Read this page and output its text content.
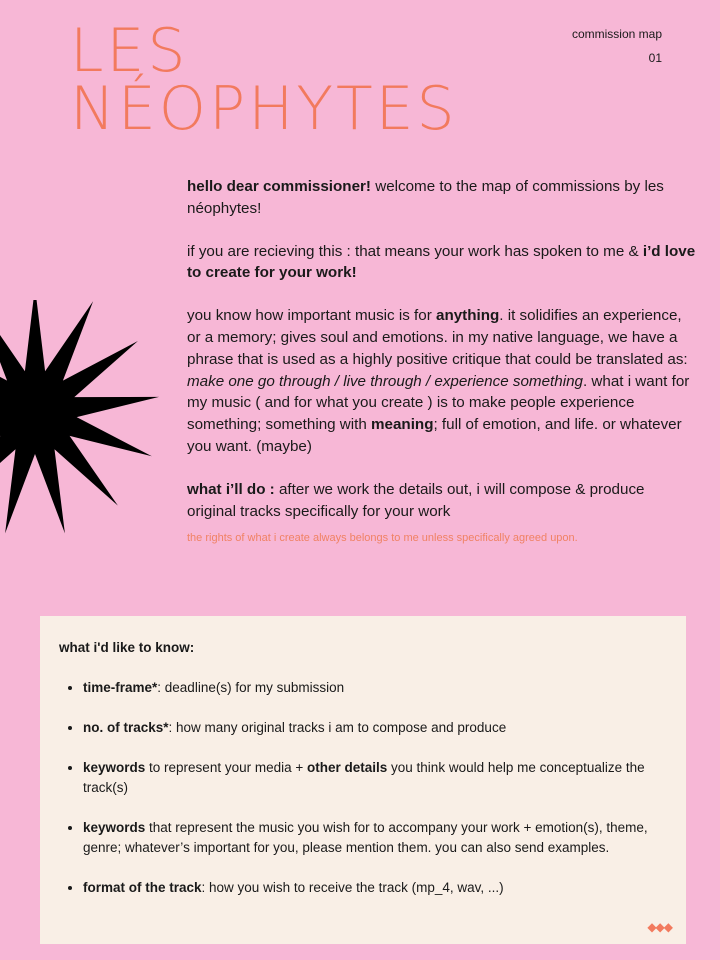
LES
NÉOPHYTES
commission map
01

hello dear commissioner! welcome to the map of commissions by les néophytes!

if you are recieving this : that means your work has spoken to me & i’d love to create for your work!

you know how important music is for anything. it solidifies an experience, or a memory; gives soul and emotions. in my native language, we have a phrase that is used as a highly positive critique that could be translated as: make one go through / live through / experience something. what i want for my music ( and for what you create ) is to make people experience something; something with meaning; full of emotion, and life. or whatever you want. (maybe)

what i’ll do : after we work the details out, i will compose & produce original tracks specifically for your work

the rights of what i create always belongs to me unless specifically agreed upon.
what i'd like to know:
• time-frame*: deadline(s) for my submission
• no. of tracks*: how many original tracks i am to compose and produce
• keywords to represent your media + other details you think would help me conceptualize the track(s)
• keywords that represent the music you wish for to accompany your work + emotion(s), theme, genre; whatever’s important for you, please mention them. you can also send examples.
• format of the track: how you wish to receive the track (mp_4, wav, ...)
◆◆◆
